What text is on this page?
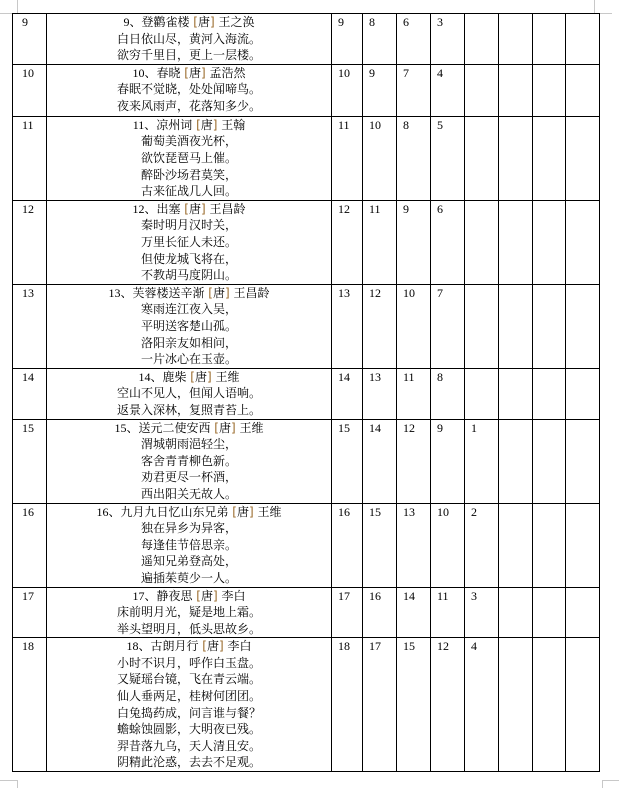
9	9、登鹳雀楼 [唐] 王之涣
白日依山尽，黄河入海流。
欲穷千里目，更上一层楼。	9	8	6	3				
10	10、春晓 [唐] 孟浩然
春眠不觉晓，处处闻啼鸟。
夜来风雨声，花落知多少。	10	9	7	4				
11	11、凉州词 [唐] 王翰
葡萄美酒夜光杯，
欲饮琵琶马上催。
醉卧沙场君莫笑，
古来征战几人回。	11	10	8	5				
12	12、出塞 [唐] 王昌龄
秦时明月汉时关，
万里长征人未还。
但使龙城飞将在，
不教胡马度阴山。	12	11	9	6				
13	13、芙蓉楼送辛渐 [唐] 王昌龄
寒雨连江夜入吴，
平明送客楚山孤。
洛阳亲友如相问，
一片冰心在玉壶。	13	12	10	7				
14	14、鹿柴 [唐] 王维
空山不见人，但闻人语响。
返景入深林，复照青苔上。	14	13	11	8				
15	15、送元二使安西 [唐] 王维
渭城朝雨浥轻尘，
客舍青青柳色新。
劝君更尽一杯酒，
西出阳关无故人。	15	14	12	9	1			
16	16、九月九日忆山东兄弟 [唐] 王维
独在异乡为异客，
每逢佳节倍思亲。
遥知兄弟登高处，
遍插茱萸少一人。	16	15	13	10	2			
17	17、静夜思 [唐] 李白
床前明月光，疑是地上霜。
举头望明月，低头思故乡。	17	16	14	11	3			
18	18、古朗月行 [唐] 李白
小时不识月，呼作白玉盘。
又疑瑶台镜，飞在青云端。
仙人垂两足，桂树何团团。
白兔捣药成，问言谁与餐？
蟾蜍蚀圆影，大明夜已残。
羿昔落九乌，天人清且安。
阴精此沦惑，去去不足观。
	18	17	15	12	4			
